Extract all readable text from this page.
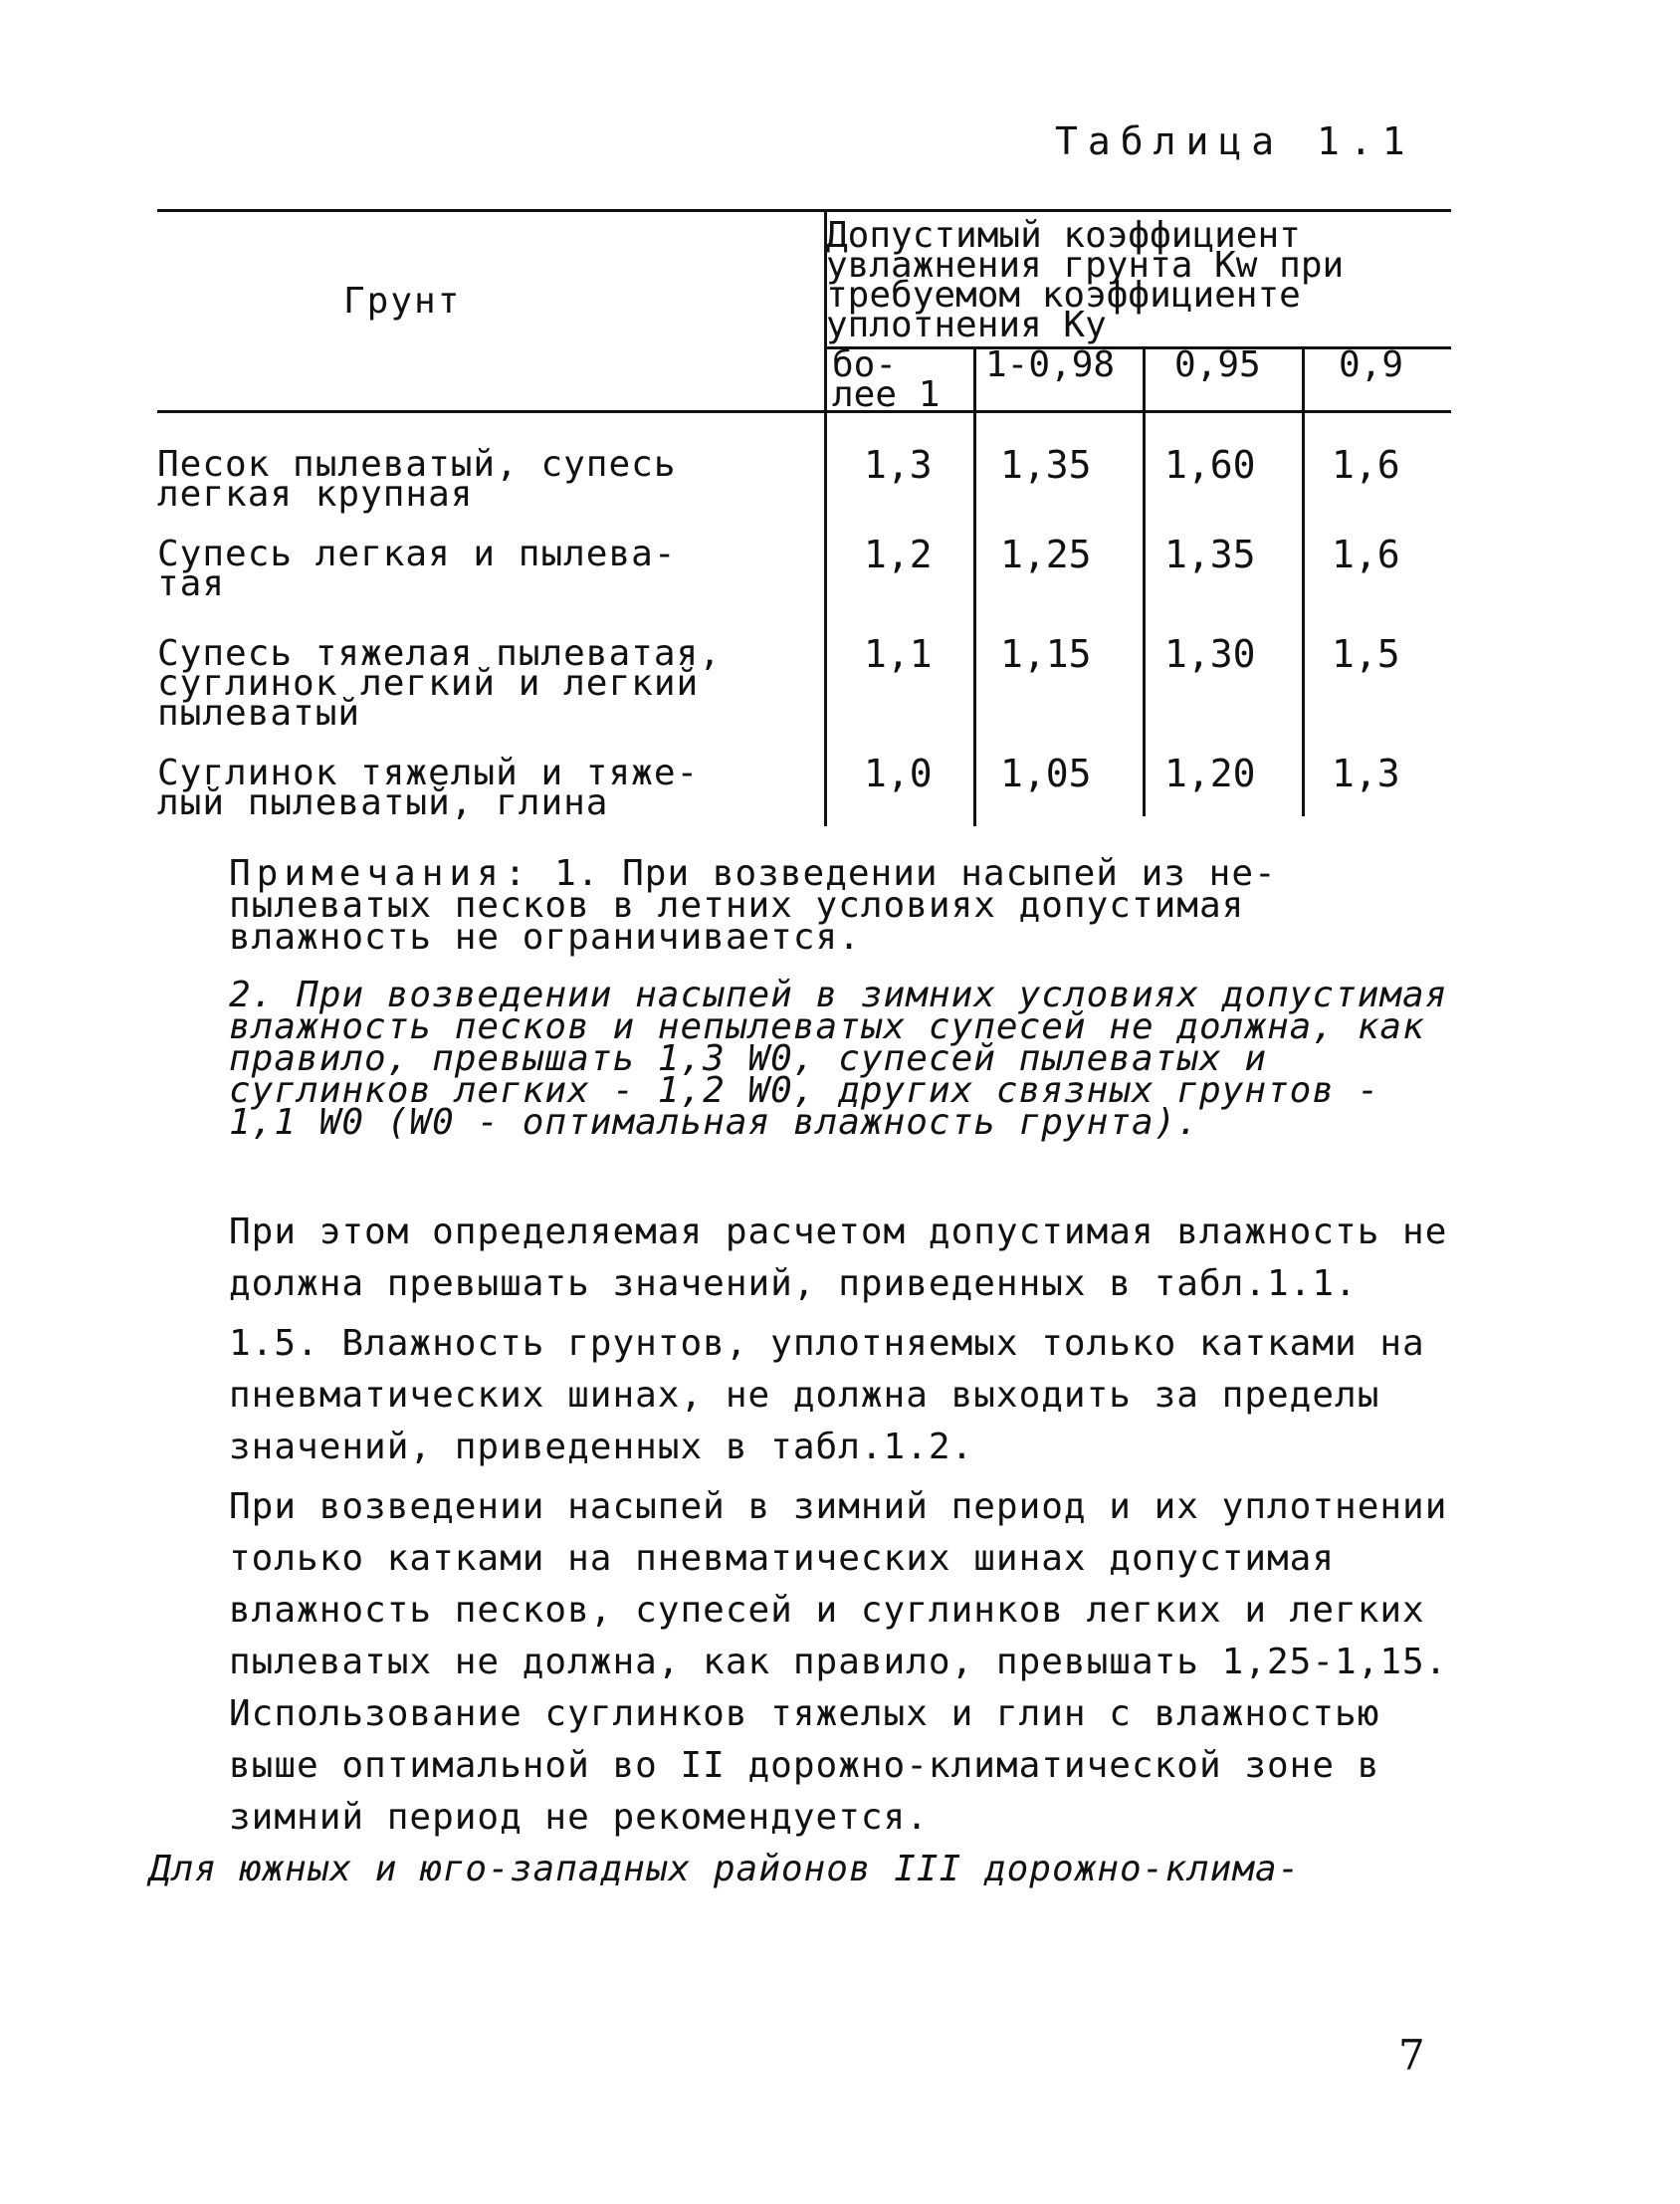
Таблица 1.1
Грунт
Допустимый коэффициент
увлажнения грунта Kw при
требуемом коэффициенте
уплотнения Ky
бо- лее 1
1-0,98 0,95 0,9
Песок пылеватый, супесь
легкая крупная
1,3 1,35 1,60 1,6
Супесь легкая и пылева-
тая
1,2 1,25 1,35 1,6
Супесь тяжелая пылеватая,
суглинок легкий и легкий
пылеватый
1,1 1,15 1,30 1,5
Суглинок тяжелый и тяже-
лый пылеватый, глина
1,0 1,05 1,20 1,3

Примечания: 1. При возведении насыпей из не-пылеватых песков в летних условиях допустимая влажность не ограничивается.

2. При возведении насыпей в зимних условиях допустимая влажность песков и непылеватых супесей не должна, как правило, превышать 1,3 W0, супесей пылеватых и суглинков легких - 1,2 W0, других связных грунтов - 1,1 W0 (W0 - оптимальная влажность грунта).

При этом определяемая расчетом допустимая влажность не должна превышать значений, приведенных в табл.1.1.

1.5. Влажность грунтов, уплотняемых только катками на пневматических шинах, не должна выходить за пределы значений, приведенных в табл.1.2.

При возведении насыпей в зимний период и их уплотнении только катками на пневматических шинах допустимая влажность песков, супесей и суглинков легких и легких пылеватых не должна, как правило, превышать 1,25-1,15. Использование суглинков тяжелых и глин с влажностью выше оптимальной во II дорожно-климатической зоне в зимний период не рекомендуется.

Для южных и юго-западных районов III дорожно-клима-

7
